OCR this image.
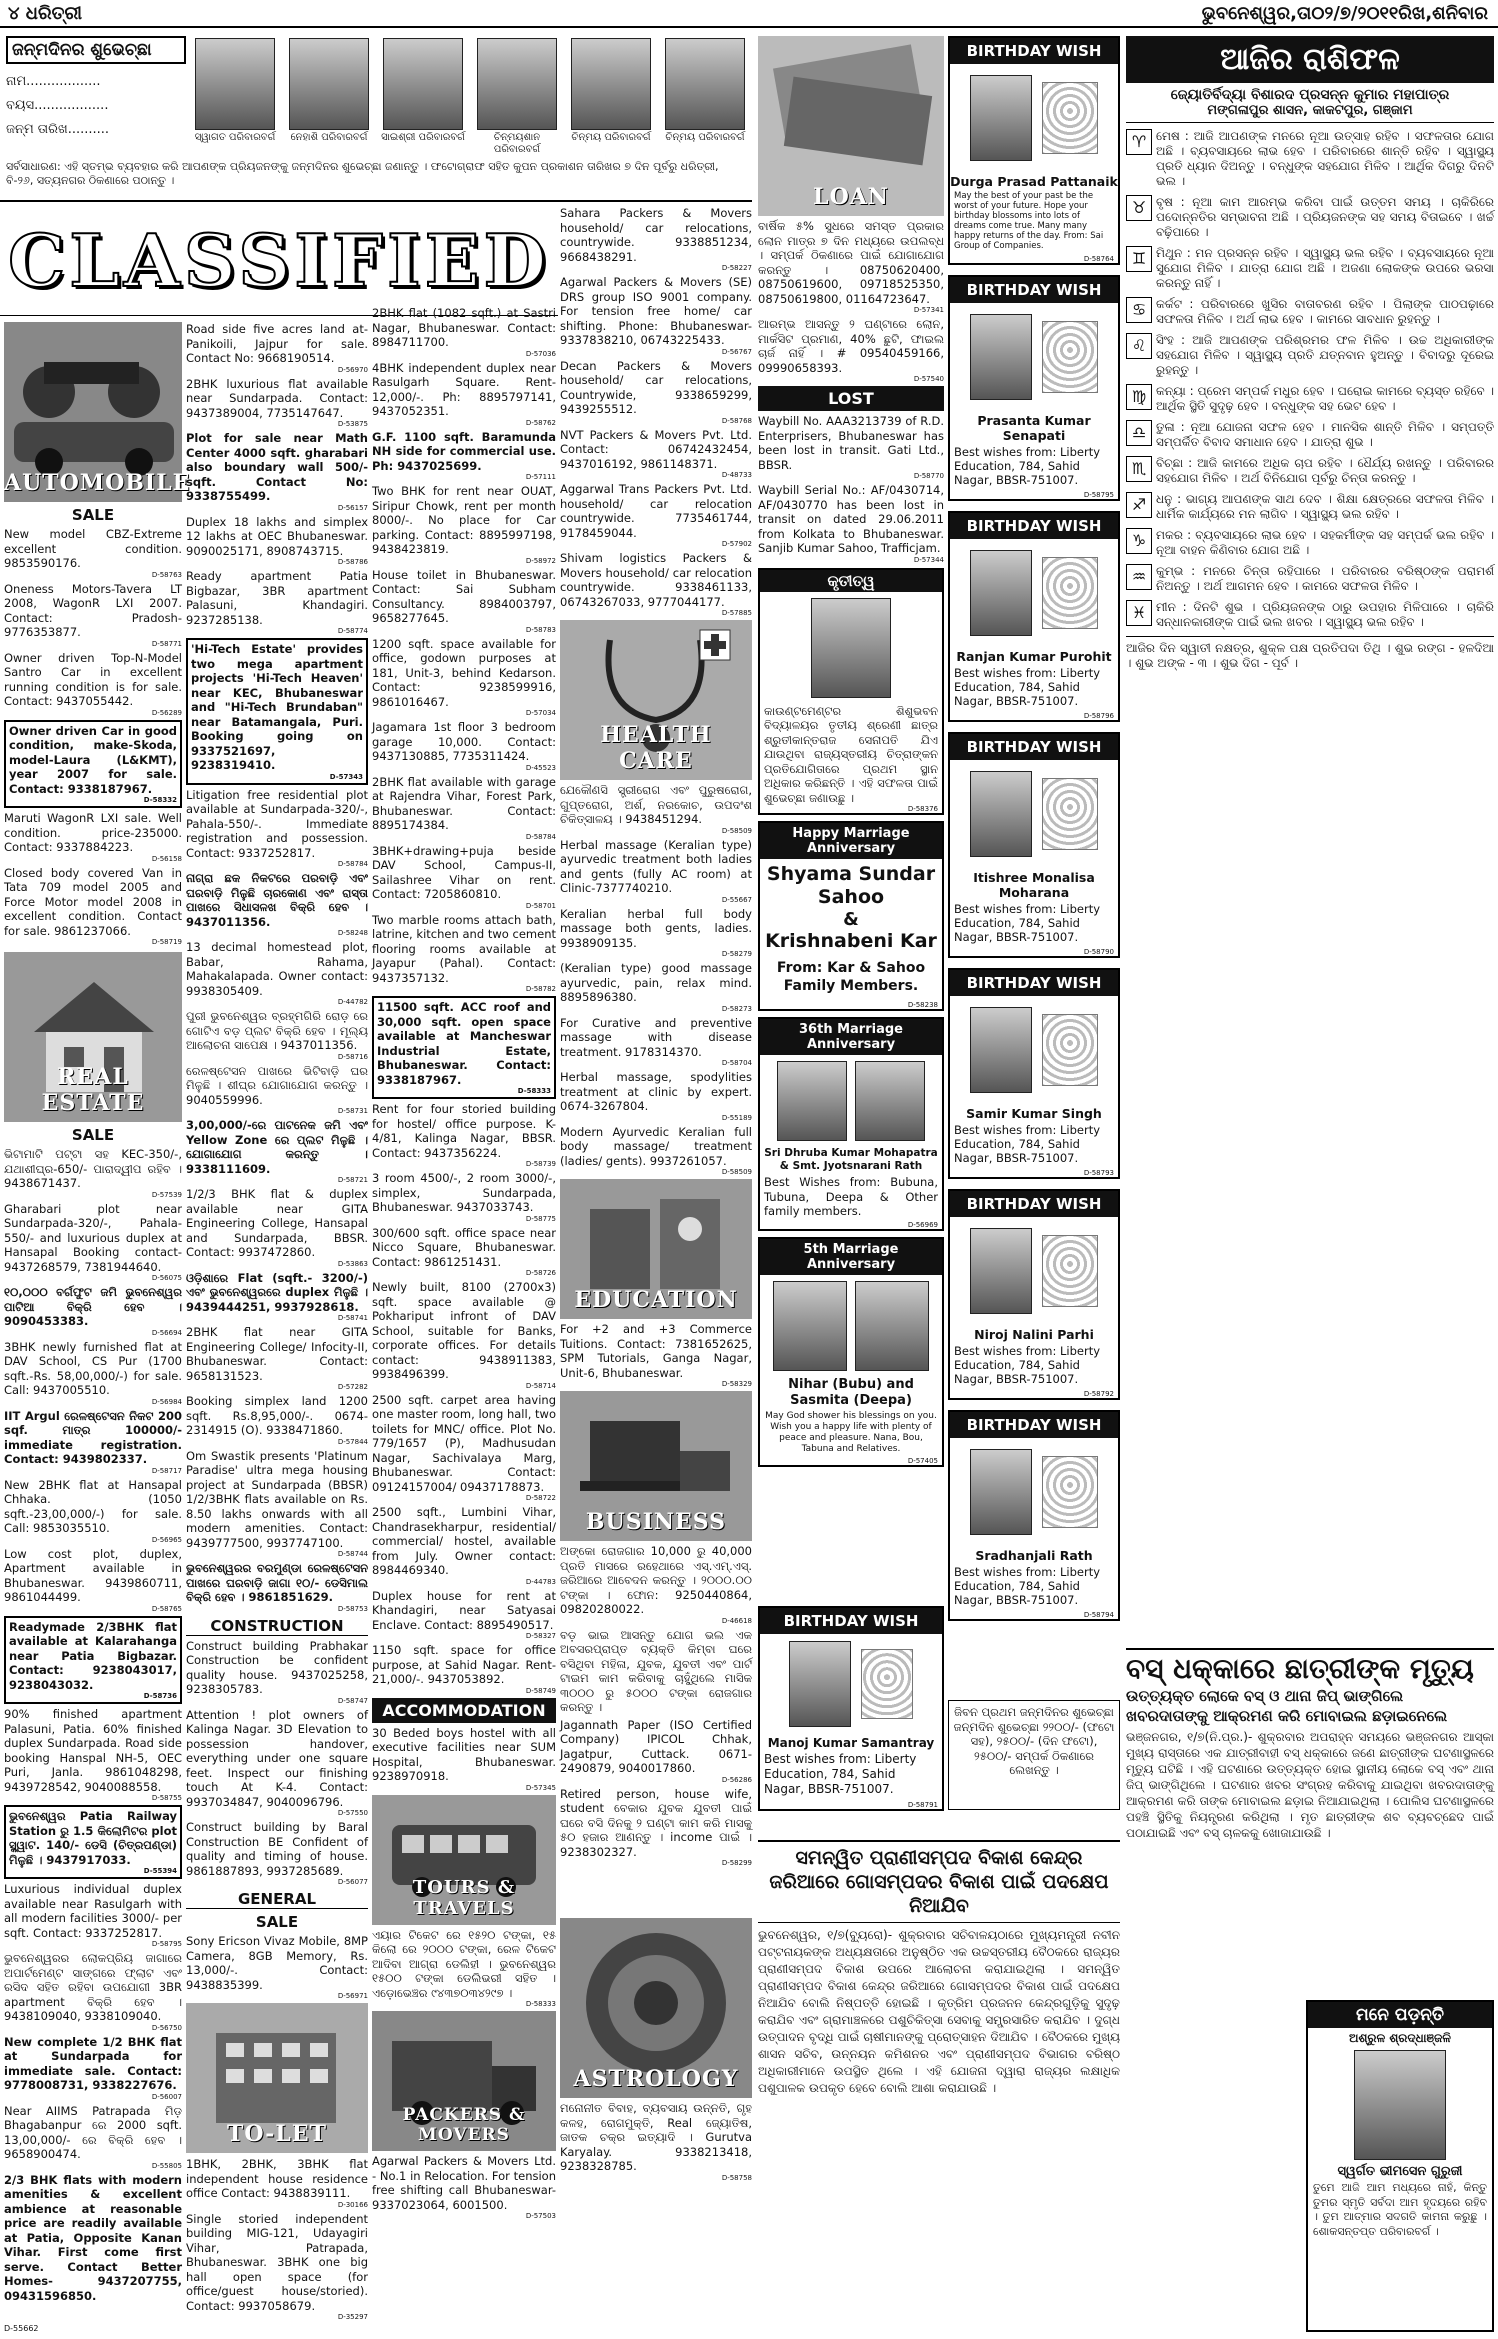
୪ ଧରିତ୍ରୀ	ଭୁବନେଶ୍ୱର,ତା୦୨/୭/୨୦୧୧ରିଖ,ଶନିବାର
ଜନ୍ମଦିନର ଶୁଭେଚ୍ଛା
ନାମ..................
ବୟସ..................
ଜନ୍ମ ତାରିଖ..........
ସ୍ୱାଗତ ପରିବାରବର୍ଗ	ନେହାଶି ପରିବାରବର୍ଗ	ସାଇଶ୍ରୀ ପରିବାରବର୍ଗ	ଚିନ୍ମୟଶାନ ପରିବାରବର୍ଗ
ଚିନ୍ମୟ ପରିବାରବର୍ଗ	ଚିନ୍ମୟ ପରିବାରବର୍ଗ
ସର୍ବସାଧାରଣ: ଏହି ସ୍ତମ୍ଭ ବ୍ୟବହାର କରି ଆପଣଙ୍କ ପ୍ରିୟଜନଙ୍କୁ ଜନ୍ମଦିନର ଶୁଭେଚ୍ଛା ଜଣାନ୍ତୁ । ଫଟୋଗ୍ରାଫ ସହିତ କୁପନ ପ୍ରକାଶନ ତାରିଖର ୭ ଦିନ ପୂର୍ବରୁ ଧରିତ୍ରୀ, ବି-୨୬, ସତ୍ୟନଗର ଠିକଣାରେ ପଠାନ୍ତୁ ।
CLASSIFIED
AUTOMOBILE
SALE

New model CBZ-Extreme excellent condition. 9853590176.

D-58763

Oneness Motors-Tavera LT 2008, WagonR LXI 2007. Contact: Pradosh-9776353877.

D-58771

Owner driven Top-N-Model Santro Car in excellent running condition is for sale. Contact: 9437055442.

D-56289

Owner driven Car in good condition, make-Skoda, model-Laura (L&KMT), year 2007 for sale. Contact: 9338187967.

D-58332

Maruti WagonR LXI sale. Well condition. price-235000. Contact: 9337884223.

D-56158

Closed body covered Van in Tata 709 model 2005 and Force Motor model 2008 in excellent condition. Contact for sale. 9861237066.

D-58719
REAL ESTATE
SALE

ଭିଟାମାଟି ପଟ୍ଟା ସହ KEC-350/-, ଯଥାଶୀଘ୍ର-650/- ପାରାଦ୍ୱୀପ ରହିବ । 9438671437.

D-57539

Gharabari plot near Sundarpada-320/-, Pahala-550/- and luxurious duplex at Hansapal Booking contact- 9437268579, 7381944640.

D-56075

୧୦,୦୦୦ ବର୍ଗଫୁଟ ଜମି ଭୁବନେଶ୍ୱର ପାଟିଆ ବିକ୍ରି ହେବ । 9090453383.

D-56694

3BHK newly furnished flat at DAV School, CS Pur (1700 sqft.-Rs. 58,00,000/-) for sale. Call: 9437005510.

D-56984

IIT Argul ରେଳଷ୍ଟେସନ ନିକଟ 200 sqf. ମାତ୍ର 100000/- immediate registration. Contact: 9439802337.

D-58717

New 2BHK flat at Hansapal Chhaka. (1050 sqft.-23,00,000/-) for sale. Call: 9853035510.

D-56965

Low cost plot, duplex, Apartment available in Bhubaneswar. 9439860711, 9861044499.

D-58765

Readymade 2/3BHK flat available at Kalarahanga near Patia Bigbazar. Contact: 9238043017, 9238043032.

D-58736

90% finished apartment Palasuni, Patia. 60% finished duplex Sundarpada. Road side booking Hanspal NH-5, OEC Puri, Janla. 9861048298, 9439728542, 9040088558.

D-58755

ଭୁବନେଶ୍ୱର Patia Railway Station ରୁ 1.5 କିଲୋମିଟର plot ସ୍କ୍ୱାଟ. 140/- ଡେସି (ଚିତ୍ରପଣ୍ଡା) ମିଳୁଛି । 9437917033.

D-55394

Luxurious individual duplex available near Rasulgarh with all modern facilities 3000/- per sqft. Contact: 9337252817.

D-58795

ଭୁବନେଶ୍ୱରର ଲୋକପ୍ରିୟ ଜାଗାରେ ଅପାର୍ଟମେଣ୍ଟ ସାଙ୍ଗରେ ଫ୍ଲାଟ ଏବଂ ରସିଦ ସହିତ ରହିବା ଉପଯୋଗୀ 3BR apartment ବିକ୍ରି ହେବ । 9438109040, 9338109040.

D-56750

New complete 1/2 BHK flat at Sundarpada for immediate sale. Contact: 9778008731, 9338227676.

D-56007

Near AIIMS Patrapada ମିଡ଼ Bhagabanpur ରେ 2000 sqft. 13,00,000/- ରେ ବିକ୍ରି ହେବ । 9658900474.

D-55805

2/3 BHK flats with modern amenities & excellent ambience at reasonable price are readily available at Patia, Opposite Kanan Vihar. First come first serve. Contact Better Homes- 9437207755, 09431596850.

Road side five acres land at- Panikoili, Jajpur for sale. Contact No: 9668190514.

D-56970

2BHK luxurious flat available near Sundarpada. Contact: 9437389004, 7735147647.

D-53875

Plot for sale near Math Center 4000 sqft. gharabari also boundary wall 500/- sqft. Contact No: 9338755499.

D-56157

Duplex 18 lakhs and simplex 12 lakhs at OEC Bhubaneswar. 9090025171, 8908743715.

D-58786

Ready apartment Patia Bigbazar, 3BR apartment Palasuni, Khandagiri. 9237285138.

D-58774

'Hi-Tech Estate' provides two mega apartment projects 'Hi-Tech Heaven' near KEC, Bhubaneswar and "Hi-Tech Brundaban" near Batamangala, Puri. Booking going on 9337521697, 9238319410.

D-57343

Litigation free residential plot available at Sundarpada-320/-, Pahala-550/-. Immediate registration and possession. Contact: 9337252817.

D-58784

ନାଗ୍ରା ଛକ ନିକଟରେ ପରବାଡ଼ି ଏବଂ ଘରବାଡ଼ି ମିଳୁଛି ଚାରକୋଣ ଏବଂ ରାସ୍ତା ପାଖରେ ସିଧାସଳଖ ବିକ୍ରି ହେବ । 9437011356.

D-58248

13 decimal homestead plot, Babar, Rahama, Mahakalapada. Owner contact: 9938305409.

D-44782

ପୁରୀ ଭୁବନେଶ୍ୱର ବ୍ରହ୍ମଗିରି ରୋଡ଼ ରେ ଗୋଟିଏ ବଡ଼ ପ୍ଲଟ ବିକ୍ରି ହେବ । ମୂଲ୍ୟ ଆଲୋଚନା ସାପେକ୍ଷ । 9437011356.

D-58716

ରେଳଷ୍ଟେସନ ପାଖରେ ଭିଟିବାଡ଼ି ଘର ମିଳୁଛି । ଶୀଘ୍ର ଯୋଗାଯୋଗ କରନ୍ତୁ । 9040559996.

D-58731

3,00,000/-ରେ ପାଟନେକ ଜମି ଏବଂ Yellow Zone ରେ ପ୍ଲଟ ମିଳୁଛି । ଯୋଗାଯୋଗ କରନ୍ତୁ । 9338111609.

D-58721

1/2/3 BHK flat & duplex available near GITA Engineering College, Hansapal and Sundarpada, BBSR. Contact: 9937472860.

D-53863

ଓଡ଼ିଶାରେ Flat (sqft.- 3200/-) ଏବଂ ଭୁବନେଶ୍ୱରରେ duplex ମିଳୁଛି । 9439444251, 9937928618.

D-58741

2BHK flat near GITA Engineering College/ Infocity-II, Bhubaneswar. Contact: 9658131523.

D-57282

Booking simplex land 1200 sqft. Rs.8,95,000/-. 0674-2314915 (O). 9338471860.

D-57844

Om Swastik presents 'Platinum Paradise' ultra mega housing project at Sundarpada (BBSR) 1/2/3BHK flats available on Rs. 8.50 lakhs onwards with all modern amenities. Contact: 9439777500, 9937747100.

D-58744

ଭୁବନେଶ୍ୱରର ବରମୁଣ୍ଡା ରେଳଷ୍ଟେସନ ପାଖରେ ଘରବାଡ଼ି ଜାଗା ୧୦/- ଡେସିମାଲ ବିକ୍ରି ହେବ । 9861851629.

D-58753
CONSTRUCTION

Construct building Prabhakar Construction be confident quality house. 9437025258, 9238305783.

D-58747

Attention ! plot owners of Kalinga Nagar. 3D Elevation to possession handover, everything under one square feet. Inspect our finishing touch At K-4. Contact: 9937034847, 9040096796.

D-57550

Construct building by Baral Construction BE Confident of quality and timing of house. 9861887893, 9937285689.

D-56077
GENERAL
SALE

Sony Ericson Vivaz Mobile, 8MP Camera, 8GB Memory, Rs. 13,000/-. Contact: 9438835399.

D-56971
TO-LET

1BHK, 2BHK, 3BHK flat independent house residence office Contact: 9438839111.

D-30166

Single storied independent building MIG-121, Udayagiri Vihar, Patrapada, Bhubaneswar. 3BHK one big hall open space (for office/guest house/storied). Contact: 9937058679.

D-35297

2BHK flat (1082 sqft.) at Sastri Nagar, Bhubaneswar. Contact: 8984711700.

D-57036

4BHK independent duplex near Rasulgarh Square. Rent-12,000/-. Ph: 8895797141, 9437052351.

D-58762

G.F. 1100 sqft. Baramunda NH side for commercial use. Ph: 9437025699.

D-57111

Two BHK for rent near OUAT, Siripur Chowk, rent per month 8000/-. No place for Car parking. Contact: 8895997198, 9438423819.

D-58972

House toilet in Bhubaneswar. Contact: Sai Subham Consultancy. 8984003797, 9658277645.

D-58783

1200 sqft. space available for office, godown purposes at 181, Unit-3, behind Kedarson. Contact: 9238599916, 9861016467.

D-57034

Jagamara 1st floor 3 bedroom garage 10,000. Contact: 9437130885, 7735311424.

D-45523

2BHK flat available with garage at Rajendra Vihar, Forest Park, Bhubaneswar. Contact: 8895174384.

D-58784

3BHK+drawing+puja beside DAV School, Campus-II, Sailashree Vihar on rent. Contact: 7205860810.

D-58701

Two marble rooms attach bath, latrine, kitchen and two cement flooring rooms available at Jayapur (Pahal). Contact: 9437357132.

D-58782

11500 sqft. ACC roof and 30,000 sqft. open space available at Mancheswar Industrial Estate, Bhubaneswar. Contact: 9338187967.

D-58333

Rent for four storied building for hostel/ office purpose. K-4/81, Kalinga Nagar, BBSR. Contact: 9437356224.

D-58739

3 room 4500/-, 2 room 3000/-, simplex, Sundarpada, Bhubaneswar. 9437033743.

D-58775

300/600 sqft. office space near Nicco Square, Bhubaneswar. Contact: 9861251431.

D-58726

Newly built, 8100 (2700x3) sqft. space available @ Pokhariput infront of DAV School, suitable for Banks, corporate offices. For details contact: 9438911383, 9938496399.

D-58714

2500 sqft. carpet area having one master room, long hall, two toilets for MNC/ office. Plot No. 779/1657 (P), Madhusudan Nagar, Sachivalaya Marg, Bhubaneswar. Contact: 09124157004/ 09437178873.

D-58722

2500 sqft., Lumbini Vihar, Chandrasekharpur, residential/ commercial/ hostel, available from July. Owner contact: 8984469340.

D-44783

Duplex house for rent at Khandagiri, near Satyasai Enclave. Contact: 8895490517.

D-58327

1150 sqft. space for office purpose, at Sahid Nagar. Rent-21,000/-. 9437053892.

D-58749
ACCOMMODATION

30 Beded boys hostel with all executive facilities near SUM Hospital, Bhubaneswar. 9238970918.

D-57345
TOURS & TRAVELS

ଏୟାର ଟିକେଟ ରେ ୧୫୨୦ ଟଙ୍କା, ୧୫ କିଲୋ ରେ ୨୦୦୦ ଟଙ୍କା, ରେଳ ଟିକେଟ ଆଦିବା ଆଗ୍ରା ଡେଲିହୀ । ଭୁବନେଶ୍ୱର ୧୫୦୦ ଟଙ୍କା ଡେଲିଭରୀ ସହିତ । ଏଡ଼ୋଭେଞ୍ଚର ୯୪୩୭୦୩୪୨୯୭ ।

D-58333
PACKERS & MOVERS

Agarwal Packers & Movers Ltd. - No.1 in Relocation. For tension free shifting call Bhubaneswar- 9337023064, 6001500.

D-57503

Sahara Packers & Movers household/ car relocations, countrywide. 9338851234, 9668438291.

D-58227

Agarwal Packers & Movers (SE) DRS group ISO 9001 company. For tension free home/ car shifting. Phone: Bhubaneswar- 9337838210, 06743225433.

D-56767

Decan Packers & Movers household/ car relocations, Countrywide, 9338659299, 9439255512.

D-58768

NVT Packers & Movers Pvt. Ltd. Contact: 06742432454, 9437016192, 9861148371.

D-48733

Aggarwal Trans Packers Pvt. Ltd. household/ car relocation countrywide. 7735461744, 9178459044.

D-57902

Shivam logistics Packers & Movers household/ car relocation countrywide. 9338461133, 06743267033, 9777044177.

D-57885
HEALTH CARE

ଯେକୌଣସି ସ୍ତ୍ରୀରୋଗ ଏବଂ ପୁରୁଷରୋଗ, ଗୁପ୍ତରୋଗ, ଅର୍ଶ, ନରକୋଚ, ଉପଦଂଶ ଚିକିତ୍ସାଳୟ । 9438451294.

D-58509

Herbal massage (Keralian type) ayurvedic treatment both ladies and gents (fully AC room) at Clinic-7377740210.

D-55667

Keralian herbal full body massage both gents, ladies. 9938909135.

D-58279

(Keralian type) good massage ayurvedic, pain, relax mind. 8895896380.

D-58273

For Curative and preventive massage with disease treatment. 9178314370.

D-58704

Herbal massage, spodylities treatment at clinic by expert. 0674-3267804.

D-55189

Modern Ayurvedic Keralian full body massage/ treatment (ladies/ gents). 9937261057.

D-58509
EDUCATION

For +2 and +3 Commerce Tuitions. Contact: 7381652625, SPM Tutorials, Ganga Nagar, Unit-6, Bhubaneswar.

D-58329
BUSINESS

ଅଙ୍କୋ ରୋଜଗାର 10,000 ରୁ 40,000 ପ୍ରତି ମାସରେ ରହେଥାରେ ଏସ୍.ଏମ୍.ଏସ୍. ଜରିଆରେ ଆବେଦନ କରନ୍ତୁ । ୨୦୦୦.୦୦ ଟଙ୍କା । ଫୋନ: 9250440864, 09820280022.

D-46618

ବଡ଼ ଭାଇ ଆସନ୍ତୁ ଯୋଗ ଭଲ ଏକ ଅବସରପ୍ରାପ୍ତ ବ୍ୟକ୍ତି କିମ୍ବା ଘରେ ବସିଥିବା ମହିଳା, ଯୁବକ, ଯୁବତୀ ଏବଂ ପାର୍ଟ ଟାଇମ କାମ କରିବାକୁ ଚାହୁଁଥିଲେ ମାସିକ ୩୦୦୦ ରୁ ୫୦୦୦ ଟଙ୍କା ରୋଜଗାର କରନ୍ତୁ ।

Jagannath Paper (ISO Certified Company) IPICOL Chhak, Jagatpur, Cuttack. 0671-2490879, 9040017860.

D-56286

Retired person, house wife, student ବେକାର ଯୁବକ ଯୁବତୀ ପାଇଁ ଘରେ ବସି ଦିନକୁ ୨ ଘଣ୍ଟା କାମ କରି ମାସକୁ ୫୦ ହଜାର ଆଣନ୍ତୁ । income ପାଇଁ । 9238302327.

D-58299
ASTROLOGY

ମନୋନୀତ ବିବାହ, ବ୍ୟବସାୟ ଉନ୍ନତି, ଗୃହ କଳହ, ରୋଗମୁକ୍ତି, Real ଜ୍ୟୋତିଷ, ଜାତକ ଚକ୍ର ଇତ୍ୟାଦି । Gurutva Karyalay. 9338213418, 9238328785.

D-58758
LOAN

ବାର୍ଷିକ ୫% ସୁଧରେ ସମସ୍ତ ପ୍ରକାର ଲୋନ ମାତ୍ର ୭ ଦିନ ମଧ୍ୟରେ ଉପଲବ୍ଧ । ସମ୍ପର୍କ ଠିକଣାରେ ପାଇଁ ଯୋଗାଯୋଗ କରନ୍ତୁ । 08750620400, 08750619600, 09718525350, 08750619800, 01164723647.

D-57341

ଆରମ୍ଭ ଆସନ୍ତୁ ୨ ଘଣ୍ଟାରେ ଲୋନ, ମାର୍କସିଟ ପ୍ରମାଣ, 40% ଛୁଟି, ଫାଇଲ ଚାର୍ଜ ନାହିଁ । # 09540459166, 09990658393.

D-57540
LOST

Waybill No. AAA3213739 of R.D. Enterprisers, Bhubaneswar has been lost in transit. Gati Ltd., BBSR.

D-58770

Waybill Serial No.: AF/0430714, AF/0430770 has been lost in transit on dated 29.06.2011 from Kolkata to Bhubaneswar. Sanjib Kumar Sahoo, Trafficjam.

D-57344
କୃତୀତ୍ୱ
କାଉଣ୍ଟମେଣ୍ଟର ଶିଶୁଭବନ ବିଦ୍ୟାଳୟର ତୃତୀୟ ଶ୍ରେଣୀ ଛାତ୍ର ଶ୍ରୁତୀକାନ୍ତରାଜ ସେନାପତି ଯିଏ ଯାଉଥିବା ରାଜ୍ୟସ୍ତରୀୟ ଚିତ୍ରାଙ୍କନ ପ୍ରତିଯୋଗିତାରେ ପ୍ରଥମ ସ୍ଥାନ ଅଧିକାର କରିଛନ୍ତି । ଏହି ସଫଳତା ପାଇଁ ଶୁଭେଚ୍ଛା ଜଣାଉଛୁ ।
D-58376
Happy Marriage Anniversary
Shyama Sundar Sahoo
&
Krishnabeni Kar
From: Kar & Sahoo Family Members.
D-58238
36th Marriage Anniversary
Sri Dhruba Kumar Mohapatra & Smt. Jyotsnarani Rath
Best Wishes from: Bubuna, Tubuna, Deepa & Other family members.
D-56969
5th Marriage Anniversary
Nihar (Bubu) and Sasmita (Deepa)
May God shower his blessings on you. Wish you a happy life with plenty of peace and pleasure. Nana, Bou, Tabuna and Relatives.
D-57405
BIRTHDAY WISH
Manoj Kumar Samantray
Best wishes from: Liberty Education, 784, Sahid Nagar, BBSR-751007.
D-58791
BIRTHDAY WISH
Durga Prasad Pattanaik
May the best of your past be the worst of your future. Hope your birthday blossoms into lots of dreams come true. Many many happy returns of the day. From: Sai Group of Companies.
D-58764
BIRTHDAY WISH
Prasanta Kumar Senapati
Best wishes from: Liberty Education, 784, Sahid Nagar, BBSR-751007.
D-58795
BIRTHDAY WISH
Ranjan Kumar Purohit
Best wishes from: Liberty Education, 784, Sahid Nagar, BBSR-751007.
D-58796
BIRTHDAY WISH
Itishree Monalisa Moharana
Best wishes from: Liberty Education, 784, Sahid Nagar, BBSR-751007.
D-58790
BIRTHDAY WISH
Samir Kumar Singh
Best wishes from: Liberty Education, 784, Sahid Nagar, BBSR-751007.
D-58793
BIRTHDAY WISH
Niroj Nalini Parhi
Best wishes from: Liberty Education, 784, Sahid Nagar, BBSR-751007.
D-58792
BIRTHDAY WISH
Sradhanjali Rath
Best wishes from: Liberty Education, 784, Sahid Nagar, BBSR-751007.
D-58794
ଜିବନ ପ୍ରଥମ ଜନ୍ମଦିନର ଶୁଭେଚ୍ଛା ଜନ୍ମଦିନ ଶୁଭେଚ୍ଛା ୨୨୦୦/- (ଫଟୋ ସହ), ୨୫୦୦/- (ଦିନ ଫଟୋ), ୨୫୦୦/- ସମ୍ପର୍କ ଠିକଣାରେ ଲେଖନ୍ତୁ ।
ଆଜିର ରାଶିଫଳ
ଜ୍ୟୋତିର୍ବିଦ୍ୟା ବିଶାରଦ ପ୍ରସନ୍ନ କୁମାର ମହାପାତ୍ର
ମଙ୍ଗଳାପୁର ଶାସନ, କାକଟପୁର, ଗଞ୍ଜାମ
♈ ମେଷ : ଆଜି ଆପଣଙ୍କ ମନରେ ନୂଆ ଉତ୍ସାହ ରହିବ । ସଫଳତାର ଯୋଗ ଅଛି । ବ୍ୟବସାୟରେ ଲାଭ ହେବ । ପରିବାରରେ ଶାନ୍ତି ରହିବ । ସ୍ୱାସ୍ଥ୍ୟ ପ୍ରତି ଧ୍ୟାନ ଦିଅନ୍ତୁ । ବନ୍ଧୁଙ୍କ ସହଯୋଗ ମିଳିବ । ଆର୍ଥିକ ଦିଗରୁ ଦିନଟି ଭଲ ।

♉ ବୃଷ : ନୂଆ କାମ ଆରମ୍ଭ କରିବା ପାଇଁ ଉତ୍ତମ ସମୟ । ଚାକିରିରେ ପଦୋନ୍ନତିର ସମ୍ଭାବନା ଅଛି । ପ୍ରିୟଜନଙ୍କ ସହ ସମୟ ବିତାଇବେ । ଖର୍ଚ୍ଚ ବଢ଼ିପାରେ ।

♊ ମିଥୁନ : ମନ ପ୍ରସନ୍ନ ରହିବ । ସ୍ୱାସ୍ଥ୍ୟ ଭଲ ରହିବ । ବ୍ୟବସାୟରେ ନୂଆ ସୁଯୋଗ ମିଳିବ । ଯାତ୍ରା ଯୋଗ ଅଛି । ଅଜଣା ଲୋକଙ୍କ ଉପରେ ଭରସା କରନ୍ତୁ ନାହିଁ ।

♋ କର୍କଟ : ପରିବାରରେ ଖୁସିର ବାତାବରଣ ରହିବ । ପିଲାଙ୍କ ପାଠପଢ଼ାରେ ସଫଳତା ମିଳିବ । ଅର୍ଥ ଲାଭ ହେବ । କାମରେ ସାବଧାନ ରୁହନ୍ତୁ ।

♌ ସିଂହ : ଆଜି ଆପଣଙ୍କ ପରିଶ୍ରମର ଫଳ ମିଳିବ । ଉଚ୍ଚ ଅଧିକାରୀଙ୍କ ସହଯୋଗ ମିଳିବ । ସ୍ୱାସ୍ଥ୍ୟ ପ୍ରତି ଯତ୍ନବାନ ହୁଅନ୍ତୁ । ବିବାଦରୁ ଦୂରେଇ ରୁହନ୍ତୁ ।

♍ କନ୍ୟା : ପ୍ରେମ ସମ୍ପର୍କ ମଧୁର ହେବ । ଘରୋଇ କାମରେ ବ୍ୟସ୍ତ ରହିବେ । ଆର୍ଥିକ ସ୍ଥିତି ସୁଦୃଢ଼ ହେବ । ବନ୍ଧୁଙ୍କ ସହ ଭେଟ ହେବ ।

♎ ତୁଳା : ନୂଆ ଯୋଜନା ସଫଳ ହେବ । ମାନସିକ ଶାନ୍ତି ମିଳିବ । ସମ୍ପତ୍ତି ସମ୍ପର୍କିତ ବିବାଦ ସମାଧାନ ହେବ । ଯାତ୍ରା ଶୁଭ ।

♏ ବିଚ୍ଛା : ଆଜି କାମରେ ଅଧିକ ଚାପ ରହିବ । ଧୈର୍ଯ୍ୟ ରଖନ୍ତୁ । ପରିବାରର ସହଯୋଗ ମିଳିବ । ଅର୍ଥ ବିନିଯୋଗ ପୂର୍ବରୁ ଚିନ୍ତା କରନ୍ତୁ ।

♐ ଧନୁ : ଭାଗ୍ୟ ଆପଣଙ୍କ ସାଥ ଦେବ । ଶିକ୍ଷା କ୍ଷେତ୍ରରେ ସଫଳତା ମିଳିବ । ଧାର୍ମିକ କାର୍ଯ୍ୟରେ ମନ ଲାଗିବ । ସ୍ୱାସ୍ଥ୍ୟ ଭଲ ରହିବ ।

♑ ମକର : ବ୍ୟବସାୟରେ ଲାଭ ହେବ । ସହକର୍ମୀଙ୍କ ସହ ସମ୍ପର୍କ ଭଲ ରହିବ । ନୂଆ ବାହନ କିଣିବାର ଯୋଗ ଅଛି ।

♒ କୁମ୍ଭ : ମନରେ ଚିନ୍ତା ରହିପାରେ । ପରିବାରର ବରିଷ୍ଠଙ୍କ ପରାମର୍ଶ ନିଅନ୍ତୁ । ଅର୍ଥ ଆଗମନ ହେବ । କାମରେ ସଫଳତା ମିଳିବ ।

♓ ମୀନ : ଦିନଟି ଶୁଭ । ପ୍ରିୟଜନଙ୍କ ଠାରୁ ଉପହାର ମିଳିପାରେ । ଚାକିରି ସନ୍ଧାନକାରୀଙ୍କ ପାଇଁ ଭଲ ଖବର । ସ୍ୱାସ୍ଥ୍ୟ ଭଲ ରହିବ ।

ଆଜିର ଦିନ ସ୍ୱାତୀ ନକ୍ଷତ୍ର, ଶୁକ୍ଳ ପକ୍ଷ ପ୍ରତିପଦା ତିଥି । ଶୁଭ ରଙ୍ଗ - ହଳଦିଆ । ଶୁଭ ଅଙ୍କ - ୩ । ଶୁଭ ଦିଗ - ପୂର୍ବ ।
ବସ୍ ଧକ୍କାରେ ଛାତ୍ରୀଙ୍କ ମୃତ୍ୟୁ
ଉତ୍ତ୍ୟକ୍ତ ଲୋକେ ବସ୍ ଓ ଥାନା ଜିପ୍ ଭାଙ୍ଗିଲେ
ଖବରଦାତାଙ୍କୁ ଆକ୍ରମଣ କରି ମୋବାଇଲ ଛଡ଼ାଇନେଲେ
ଭଞ୍ଜନଗର, ୧/୭(ନି.ପ୍ର.)- ଶୁକ୍ରବାର ଅପରାହ୍ନ ସମୟରେ ଭଞ୍ଜନଗର ଆସ୍କା ମୁଖ୍ୟ ରାସ୍ତାରେ ଏକ ଯାତ୍ରୀବାହୀ ବସ୍ ଧକ୍କାରେ ଜଣେ ଛାତ୍ରୀଙ୍କ ଘଟଣାସ୍ଥଳରେ ମୃତ୍ୟୁ ଘଟିଛି । ଏହି ଘଟଣାରେ ଉତ୍ତ୍ୟକ୍ତ ହୋଇ ସ୍ଥାନୀୟ ଲୋକେ ବସ୍ ଏବଂ ଥାନା ଜିପ୍ ଭାଙ୍ଗିଥିଲେ । ଘଟଣାର ଖବର ସଂଗ୍ରହ କରିବାକୁ ଯାଇଥିବା ଖବରଦାତାଙ୍କୁ ଆକ୍ରମଣ କରି ତାଙ୍କ ମୋବାଇଲ ଛଡ଼ାଇ ନିଆଯାଇଥିଲା । ପୋଲିସ ଘଟଣାସ୍ଥଳରେ ପହଞ୍ଚି ସ୍ଥିତିକୁ ନିୟନ୍ତ୍ରଣ କରିଥିଲା । ମୃତ ଛାତ୍ରୀଙ୍କ ଶବ ବ୍ୟବଚ୍ଛେଦ ପାଇଁ ପଠାଯାଇଛି ଏବଂ ବସ୍ ଚାଳକକୁ ଖୋଜାଯାଉଛି ।
ସମନ୍ୱିତ ପ୍ରାଣୀସମ୍ପଦ ବିକାଶ କେନ୍ଦ୍ର ଜରିଆରେ ଗୋସମ୍ପଦର ବିକାଶ ପାଇଁ ପଦକ୍ଷେପ ନିଆଯିବ
ଭୁବନେଶ୍ୱର, ୧/୭(ବ୍ୟୁରୋ)- ଶୁକ୍ରବାର ସଚିବାଳୟଠାରେ ମୁଖ୍ୟମନ୍ତ୍ରୀ ନବୀନ ପଟ୍ଟନାୟକଙ୍କ ଅଧ୍ୟକ୍ଷତାରେ ଅନୁଷ୍ଠିତ ଏକ ଉଚ୍ଚସ୍ତରୀୟ ବୈଠକରେ ରାଜ୍ୟର ପ୍ରାଣୀସମ୍ପଦ ବିକାଶ ଉପରେ ଆଲୋଚନା କରାଯାଇଥିଲା । ସମନ୍ୱିତ ପ୍ରାଣୀସମ୍ପଦ ବିକାଶ କେନ୍ଦ୍ର ଜରିଆରେ ଗୋସମ୍ପଦର ବିକାଶ ପାଇଁ ପଦକ୍ଷେପ ନିଆଯିବ ବୋଲି ନିଷ୍ପତ୍ତି ହୋଇଛି । କୃତ୍ରିମ ପ୍ରଜନନ କେନ୍ଦ୍ରଗୁଡ଼ିକୁ ସୁଦୃଢ଼ କରାଯିବ ଏବଂ ଗ୍ରାମାଞ୍ଚଳରେ ପଶୁଚିକିତ୍ସା ସେବାକୁ ସମ୍ପ୍ରସାରିତ କରାଯିବ । ଦୁଗ୍ଧ ଉତ୍ପାଦନ ବୃଦ୍ଧି ପାଇଁ ଚାଷୀମାନଙ୍କୁ ପ୍ରୋତ୍ସାହନ ଦିଆଯିବ । ବୈଠକରେ ମୁଖ୍ୟ ଶାସନ ସଚିବ, ଉନ୍ନୟନ କମିଶନର ଏବଂ ପ୍ରାଣୀସମ୍ପଦ ବିଭାଗର ବରିଷ୍ଠ ଅଧିକାରୀମାନେ ଉପସ୍ଥିତ ଥିଲେ । ଏହି ଯୋଜନା ଦ୍ୱାରା ରାଜ୍ୟର ଲକ୍ଷାଧିକ ପଶୁପାଳକ ଉପକୃତ ହେବେ ବୋଲି ଆଶା କରାଯାଉଛି ।
ମନେ ପଡ଼ନ୍ତି
ଅଶ୍ରୁଳ ଶ୍ରଦ୍ଧାଞ୍ଜଳି
ସ୍ୱର୍ଗତ ଭୀମସେନ ଗୁରୁଜୀ
ତୁମେ ଆଜି ଆମ ମଧ୍ୟରେ ନାହଁ, କିନ୍ତୁ ତୁମର ସ୍ମୃତି ସର୍ବଦା ଆମ ହୃଦୟରେ ରହିବ । ତୁମ ଆତ୍ମାର ସଦଗତି କାମନା କରୁଛୁ । ଶୋକସନ୍ତପ୍ତ ପରିବାରବର୍ଗ ।
D-55662
